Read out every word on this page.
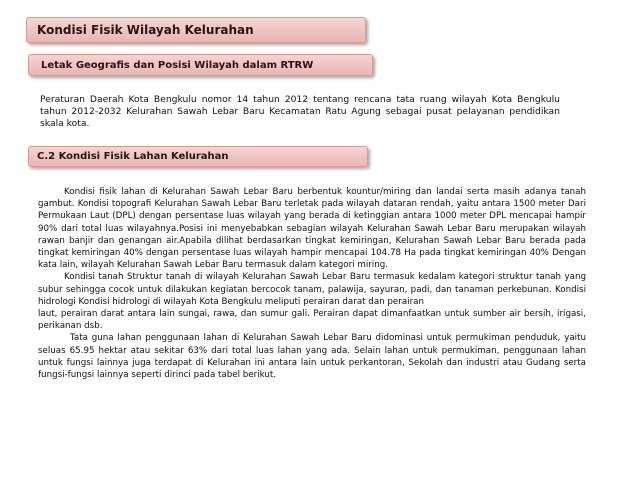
Kondisi Fisik Wilayah Kelurahan
Letak Geografis dan Posisi Wilayah dalam RTRW

Peraturan Daerah Kota Bengkulu nomor 14 tahun 2012 tentang rencana tata ruang wilayah Kota Bengkulu tahun 2012-2032 Kelurahan Sawah Lebar Baru Kecamatan Ratu Agung sebagai pusat pelayanan pendidikan skala kota.

C.2 Kondisi Fisik Lahan Kelurahan

Kondisi fisik lahan di Kelurahan Sawah Lebar Baru berbentuk kountur/miring dan landai serta masih adanya tanah gambut. Kondisi topografi Kelurahan Sawah Lebar Baru terletak pada wilayah dataran rendah, yaitu antara 1500 meter Dari Permukaan Laut (DPL) dengan persentase luas wilayah yang berada di ketinggian antara 1000 meter DPL mencapai hampir 90% dari total luas wilayahnya.Posisi ini menyebabkan sebagian wilayah Kelurahan Sawah Lebar Baru merupakan wilayah rawan banjir dan genangan air.Apabila dilihat berdasarkan tingkat kemiringan, Kelurahan Sawah Lebar Baru berada pada tingkat kemiringan 40% dengan persentase luas wilayah hampir mencapai 104.78 Ha pada tingkat kemiringan 40% Dengan kata lain, wilayah Kelurahan Sawah Lebar Baru termasuk dalam kategori miring.

Kondisi tanah Struktur tanah di wilayah Kelurahan Sawah Lebar Baru termasuk kedalam kategori struktur tanah yang subur sehingga cocok untuk dilakukan kegiatan bercocok tanam, palawija, sayuran, padi, dan tanaman perkebunan. Kondisi hidrologi Kondisi hidrologi di wilayah Kota Bengkulu meliputi perairan darat dan perairan

laut, perairan darat antara lain sungai, rawa, dan sumur gali. Perairan dapat dimanfaatkan untuk sumber air bersih, irigasi, perikanan dsb.

Tata guna lahan penggunaan lahan di Kelurahan Sawah Lebar Baru didominasi untuk permukiman penduduk, yaitu seluas 65.95 hektar atau sekitar 63% dari total luas lahan yang ada. Selain lahan untuk permukiman, penggunaan lahan untuk fungsi lainnya juga terdapat di Kelurahan ini antara lain untuk perkantoran, Sekolah dan industri atau Gudang serta fungsi-fungsi lainnya seperti dirinci pada tabel berikut.
